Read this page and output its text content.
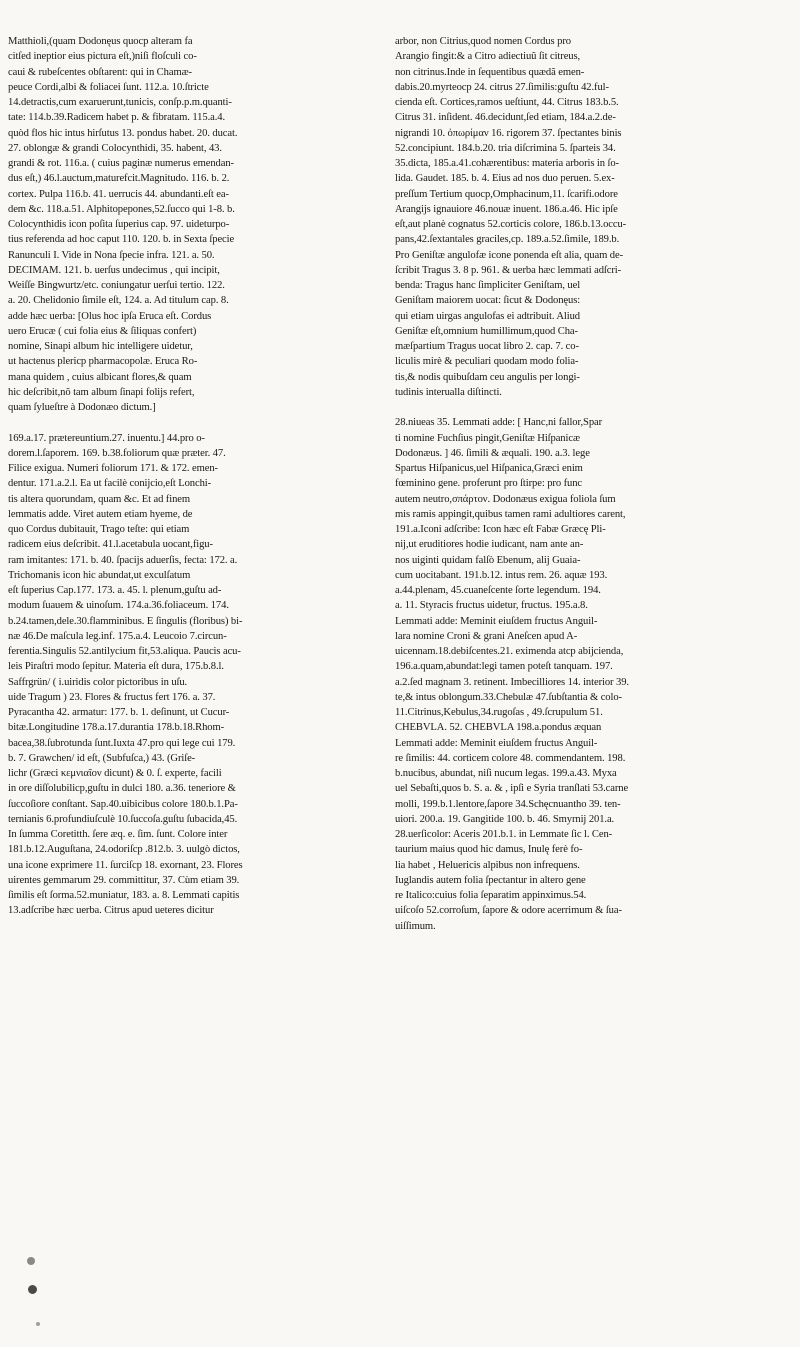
Matthioli,(quam Dodonęus quocp alteram fa
citſed ineptior eius pictura eſt,)niſi floſculi co-
caui & rubeſcentes obſtarent: qui in Chamæ-
peuce Cordi,albi & foliacei ſunt. 112.a. 10.ſtricte
14.detractis,cum exaruerunt,tunicis, conſp.p.m.quanti-
tate: 114.b.39.Radicem habet p. & fibratam. 115.a.4.
quòd flos hic intus hirſutus 13. pondus habet. 20. ducat.
27. oblongæ & grandi Colocynthidi, 35. habent, 43.
grandi & rot. 116.a. ( cuius paginæ numerus emendan-
dus eſt,) 46.l.auctum,maturefcit.Magnitudo. 116. b. 2.
cortex. Pulpa 116.b. 41. uerrucis 44. abundanti.eſt ea-
dem &c. 118.a.51. Alphitopepones,52.ſucco qui 1-8. b.
Colocynthidis icon poſita ſuperius cap. 97. uideturpo-
tius referenda ad hoc caput 110. 120. b. in Sexta ſpecie
Ranunculi I. Vide in Nona ſpecie infra. 121. a. 50.
DECIMAM. 121. b. uerſus undecimus , qui incipit,
Weiſſe Bingwurtz/etc. coniungatur uerſui tertio. 122.
a. 20. Chelidonio ſimile eſt, 124. a. Ad titulum cap. 8.
adde hæc uerba: [Olus hoc ipſa Eruca eſt. Cordus
uero Erucæ ( cui folia eius & ſiliquas confert)
nomine, Sinapi album hic intelligere uidetur,
ut hactenus plericp pharmacopolæ. Eruca Ro-
mana quidem , cuius albicant flores,& quam
hic deſcribit,nõ tam album ſinapi folijs refert,
quam ſylueſtre à Dodonæo dictum.]
169.a.17. prætereuntium.27. inuentu.] 44.pro o-
dorem.l.ſaporem. 169. b.38.foliorum quæ præter. 47.
Filice exigua. Numeri foliorum 171. & 172. emen-
dentur. 171.a.2.l. Ea ut facilè conijcio,eſt Lonchi-
tis altera quorundam, quam &c. Et ad finem
lemmatis adde. Viret autem etiam hyeme, de
quo Cordus dubitauit, Trago teſte: qui etiam
radicem eius deſcribit. 41.l.acetabula uocant,figu-
ram imitantes: 171. b. 40. ſpacijs aduerſis, fecta: 172. a.
Trichomanis icon hic abundat,ut exculſatum
eſt ſuperius Cap.177. 173. a. 45. l. plenum,guſtu ad-
modum ſuauem & uinoſum. 174.a.36.foliaceum. 174.
b.24.tamen,dele.30.flamminibus. E ſingulis (floribus) bi-
næ 46.De maſcula leg.inf. 175.a.4. Leucoio 7.circun-
ferentia.Singulis 52.antilycium fit,53.aliqua. Paucis acu-
leis Piraſtri modo ſepitur. Materia eſt dura, 175.b.8.l.
Saffrgrün/ ( i.uiridis color pictoribus in uſu.
uide Tragum ) 23. Flores & fructus fert 176. a. 37.
Pyracantha 42. armatur: 177. b. 1. deſinunt, ut Cucur-
bitæ.Longitudine 178.a.17.durantia 178.b.18.Rhom-
bacea,38.ſubrotunda ſunt.Iuxta 47.pro qui lege cui 179.
b. 7. Grawchen/ id eſt, (Subfuſca,) 43. (Griſe-
lichr (Græci κεμνιαῖον dicunt) & 0. ſ. experte, facili
in ore diſſolubilicp,guſtu in dulci 180. a.36. teneriore &
ſuccoſiore conſtant. Sap.40.uibicibus colore 180.b.1.Pa-
ternianis 6.profundiuſculè 10.ſuccoſa.guſtu ſubacida,45.
In ſumma Coretitth. ſere æq. e. ſim. ſunt. Colore inter
181.b.12.Auguſtana, 24.odoriſcp .812.b. 3. uulgò dictos,
una icone exprimere 11. ſurciſcp 18. exornant, 23. Flores
uirentes gemmarum 29. committitur, 37. Cùm etiam 39.
ſimilis eſt ſorma.52.muniatur, 183. a. 8. Lemmati capitis
13.adſcribe hæc uerba. Citrus apud ueteres dicitur
arbor, non Citrius,quod nomen Cordus pro
Arangio fingit:& a Citro adiectiuũ ſit citreus,
non citrinus.Inde in ſequentibus quædã emen-
dabis.20.myrteocp 24. citrus 27.ſimilis:guſtu 42.ful-
cienda eſt. Cortices,ramos ueſtiunt, 44. Citrus 183.b.5.
Citrus 31. inſident. 46.decidunt,ſed etiam, 184.a.2.de-
nigrandi 10. ὀπωρίμαν 16. rigorem 37. ſpectantes binis
52.concipiunt. 184.b.20. tria diſcrimina 5. ſparteis 34.
35.dicta, 185.a.41.cohærentibus: materia arboris in ſo-
lida. Gaudet. 185. b. 4. Eius ad nos duo peruen. 5.ex-
preſſum Tertium quocp,Omphacinum,11. ſcarifi.odore
Arangijs ignauiore 46.nouæ inuent. 186.a.46. Hic ipſe
eſt,aut planè cognatus 52.corticis colore, 186.b.13.occu-
pans,42.ſextantales graciles,cp. 189.a.52.ſimile, 189.b.
Pro Geniſtæ angulofæ icone ponenda eſt alia, quam de-
ſcribit Tragus 3. 8 p. 961. & uerba hæc lemmati adſcri-
benda: Tragus hanc ſimpliciter Geniſtam, uel
Geniſtam maiorem uocat: ſicut & Dodonęus:
qui etiam uirgas angulofas ei adtribuit. Aliud
Geniſtæ eſt,omnium humillimum,quod Cha-
mæſpartium Tragus uocat libro 2. cap. 7. co-
liculis mirè & peculiari quodam modo folia-
tis,& nodis quibuſdam ceu angulis per longi-
tudinis interualla diſtincti.
28.niueas 35. Lemmati adde: [ Hanc,ni fallor,Spar
ti nomine Fuchſius pingit,Geniſtæ Hiſpanicæ
Dodonæus. ] 46. ſimili & æquali. 190. a.3. lege
Spartus Hiſpanicus,uel Hiſpanica,Græci enim
fœminino gene. proferunt pro ſtirpe: pro func
autem neutro,σπάρτον. Dodonæus exigua foliola ſum
mis ramis appingit,quibus tamen rami adultiores carent,
191.a.Iconi adſcribe: Icon hæc eſt Fabæ Græcę Pli-
nij,ut eruditiores hodie iudicant, nam ante an-
nos uiginti quidam falſò Ebenum, alij Guaia-
cum uocitabant. 191.b.12. intus rem. 26. aquæ 193.
a.44.plenam, 45.cuaneſcente ſorte legendum. 194.
a. 11. Styracis fructus uidetur, fructus. 195.a.8.
Lemmati adde: Meminit eiuſdem fructus Anguil-
lara nomine Croni & grani Aneſcen apud A-
uicennam.18.debiſcentes.21. eximenda atcp abijcienda,
196.a.quam,abundat:legi tamen poteſt tanquam. 197.
a.2.ſed magnam 3. retinent. Imbecilliores 14. interior 39.
te,& intus oblongum.33.Chebulæ 47.ſubſtantia & colo-
11.Citrinus,Kebulus,34.rugoſas , 49.ſcrupulum 51.
CHEBVLA. 52. CHEBVLA 198.a.pondus æquan
Lemmati adde: Meminit eiuſdem fructus Anguil-
re ſimilis: 44. corticem colore 48. commendantem. 198.
b.nucibus, abundat, niſi nucum legas. 199.a.43. Myxa
uel Sebaſti,quos b. S. a. & , ipſi e Syria tranſlati 53.carne
molli, 199.b.1.lentore,ſapore 34.Schęcnuantho 39. ten-
uiori. 200.a. 19. Gangitide 100. b. 46. Smyrnij 201.a.
28.uerſicolor: Aceris 201.b.1. in Lemmate ſic l. Cen-
taurium maius quod hic damus, Inulę ferè fo-
lia habet , Heluericis alpibus non infrequens.
Iuglandis autem folia ſpectantur in altero gene
re Italico:cuius folia ſeparatim appinximus.54.
uiſcoſo 52.corroſum, ſapore & odore acerrimum & ſua-
uiſſimum.
